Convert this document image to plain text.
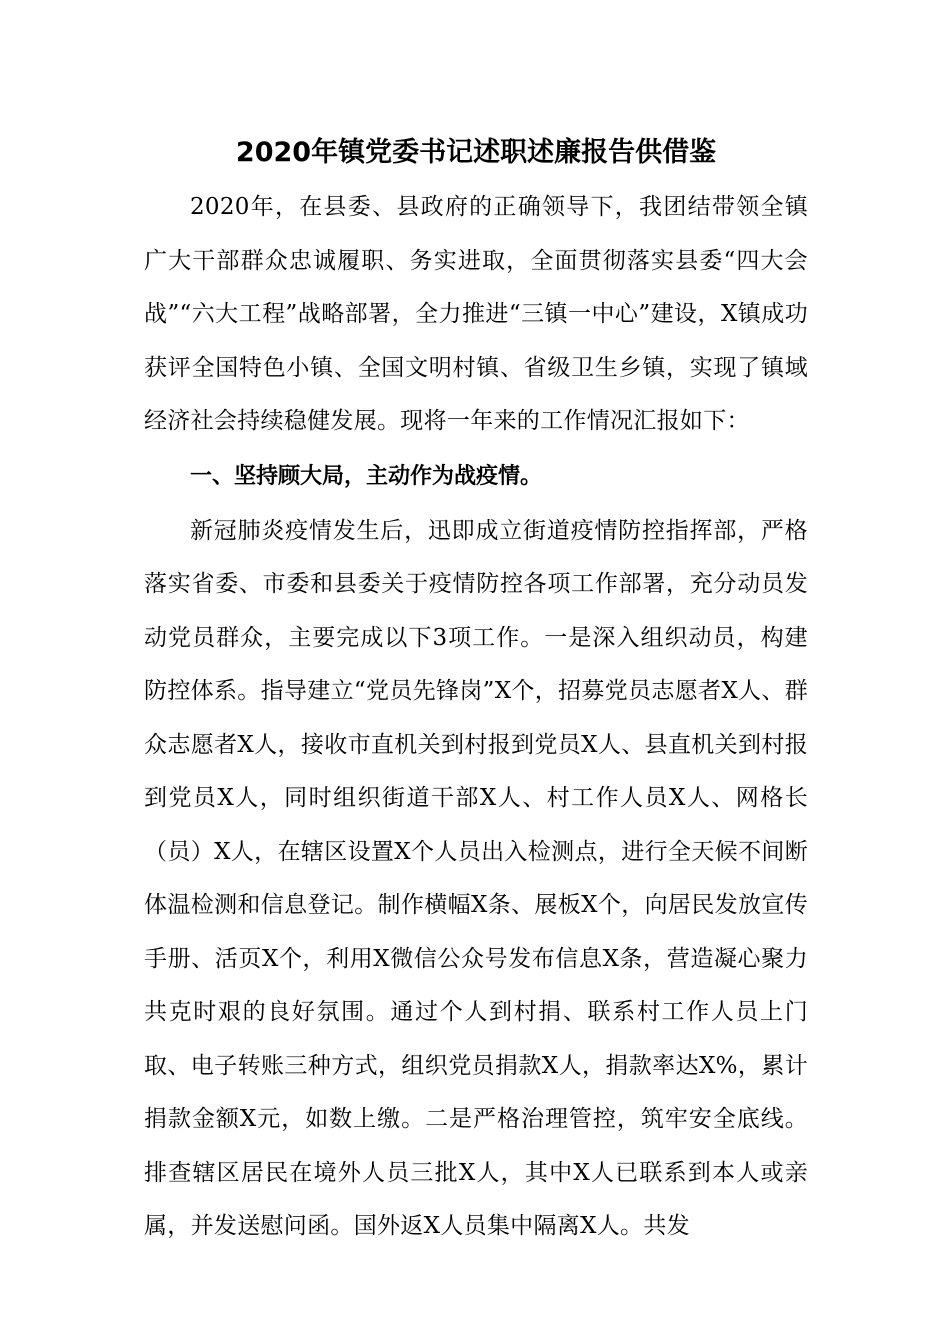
2020年镇党委书记述职述廉报告供借鉴

2020年，在县委、县政府的正确领导下，我团结带领全镇广大干部群众忠诚履职、务实进取，全面贯彻落实县委“四大会战”“六大工程”战略部署，全力推进“三镇一中心”建设，X镇成功获评全国特色小镇、全国文明村镇、省级卫生乡镇，实现了镇域经济社会持续稳健发展。现将一年来的工作情况汇报如下：

一、坚持顾大局，主动作为战疫情。

新冠肺炎疫情发生后，迅即成立街道疫情防控指挥部，严格落实省委、市委和县委关于疫情防控各项工作部署，充分动员发动党员群众，主要完成以下3项工作。一是深入组织动员，构建防控体系。指导建立“党员先锋岗”X个，招募党员志愿者X人、群众志愿者X人，接收市直机关到村报到党员X人、县直机关到村报到党员X人，同时组织街道干部X人、村工作人员X人、网格长（员）X人，在辖区设置X个人员出入检测点，进行全天候不间断体温检测和信息登记。制作横幅X条、展板X个，向居民发放宣传手册、活页X个，利用X微信公众号发布信息X条，营造凝心聚力共克时艰的良好氛围。通过个人到村捐、联系村工作人员上门取、电子转账三种方式，组织党员捐款X人，捐款率达X%，累计捐款金额X元，如数上缴。二是严格治理管控，筑牢安全底线。排查辖区居民在境外人员三批X人，其中X人已联系到本人或亲属，并发送慰问函。国外返X人员集中隔离X人。共发
